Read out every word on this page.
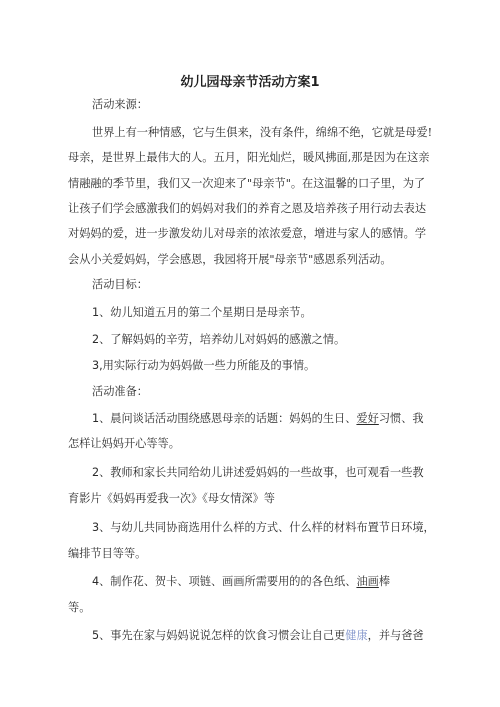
幼儿园母亲节活动方案1
活动来源：
世界上有一种情感，它与生俱来，没有条件，绵绵不绝，它就是母爱!
母亲，是世界上最伟大的人。五月，阳光灿烂，暖风拂面,那是因为在这亲
情融融的季节里，我们又一次迎来了"母亲节"。在这温馨的口子里，为了
让孩子们学会感激我们的妈妈对我们的养育之恩及培养孩子用行动去表达
对妈妈的爱，进一步激发幼儿对母亲的浓浓爱意，增进与家人的感情。学
会从小关爱妈妈，学会感恩，我园将开展"母亲节"感恩系列活动。
活动目标：
1、幼儿知道五月的第二个星期日是母亲节。
2、了解妈妈的辛劳，培养幼儿对妈妈的感激之情。
3,用实际行动为妈妈做一些力所能及的事情。
活动准备：
1、晨问谈话活动围绕感恩母亲的话题：妈妈的生日、爱好习惯、我
怎样让妈妈开心等等。
2、教师和家长共同给幼儿讲述爱妈妈的一些故事，也可观看一些教
育影片《妈妈再爱我一次》《母女情深》等
3、与幼儿共同协商选用什么样的方式、什么样的材料布置节日环境，
编排节目等等。
4、制作花、贺卡、项链、画画所需要用的的各色纸、油画棒
等。
5、事先在家与妈妈说说怎样的饮食习惯会让自己更健康，并与爸爸
